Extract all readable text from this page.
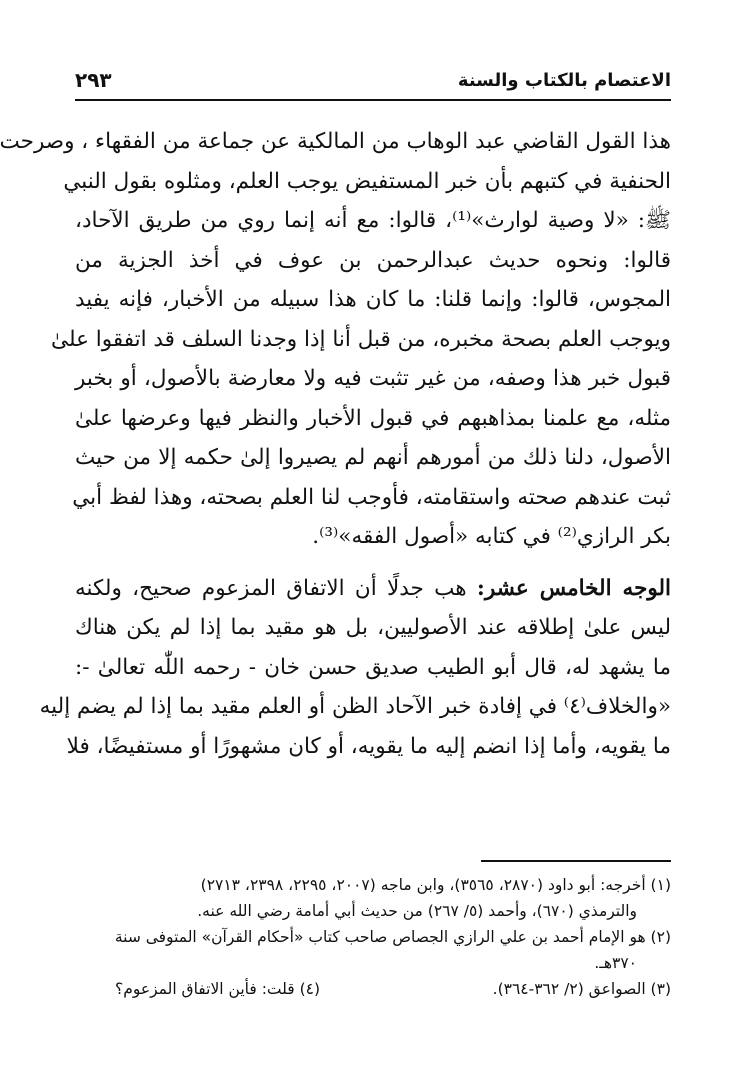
الاعتصام بالكتاب والسنة
٢٩٣

هذا القول القاضي عبد الوهاب من المالكية عن جماعة من الفقهاء ، وصرحت
الحنفية في كتبهم بأن خبر المستفيض يوجب العلم، ومثلوه بقول النبي
ﷺ: «لا وصية لوارث»⁽¹⁾، قالوا: مع أنه إنما روي من طريق الآحاد،
قالوا: ونحوه حديث عبدالرحمن بن عوف في أخذ الجزية من
المجوس، قالوا: وإنما قلنا: ما كان هذا سبيله من الأخبار، فإنه يفيد
ويوجب العلم بصحة مخبره، من قبل أنا إذا وجدنا السلف قد اتفقوا علىٰ
قبول خبر هذا وصفه، من غير تثبت فيه ولا معارضة بالأصول، أو بخبر
مثله، مع علمنا بمذاهبهم في قبول الأخبار والنظر فيها وعرضها علىٰ
الأصول، دلنا ذلك من أمورهم أنهم لم يصيروا إلىٰ حكمه إلا من حيث
ثبت عندهم صحته واستقامته، فأوجب لنا العلم بصحته، وهذا لفظ أبي
بكر الرازي⁽²⁾ في كتابه «أصول الفقه»⁽³⁾.

الوجه الخامس عشر: هب جدلًا أن الاتفاق المزعوم صحيح، ولكنه
ليس علىٰ إطلاقه عند الأصوليين، بل هو مقيد بما إذا لم يكن هناك
ما يشهد له، قال أبو الطيب صديق حسن خان - رحمه اللّٰه تعالىٰ -:
«والخلاف⁽٤⁾ في إفادة خبر الآحاد الظن أو العلم مقيد بما إذا لم يضم إليه
ما يقويه، وأما إذا انضم إليه ما يقويه، أو كان مشهورًا أو مستفيضًا، فلا

(١) أخرجه: أبو داود (٢٨٧٠، ٣٥٦٥)، وابن ماجه (٢٠٠٧، ٢٢٩٥، ٢٣٩٨، ٢٧١٣)
والترمذي (٦٧٠)، وأحمد (٥/ ٢٦٧) من حديث أبي أمامة رضي الله عنه.
(٢) هو الإمام أحمد بن علي الرازي الجصاص صاحب كتاب «أحكام القرآن» المتوفى سنة
٣٧٠هـ.
(٣) الصواعق (٢/ ٣٦٢-٣٦٤).
(٤) قلت: فأين الاتفاق المزعوم؟
